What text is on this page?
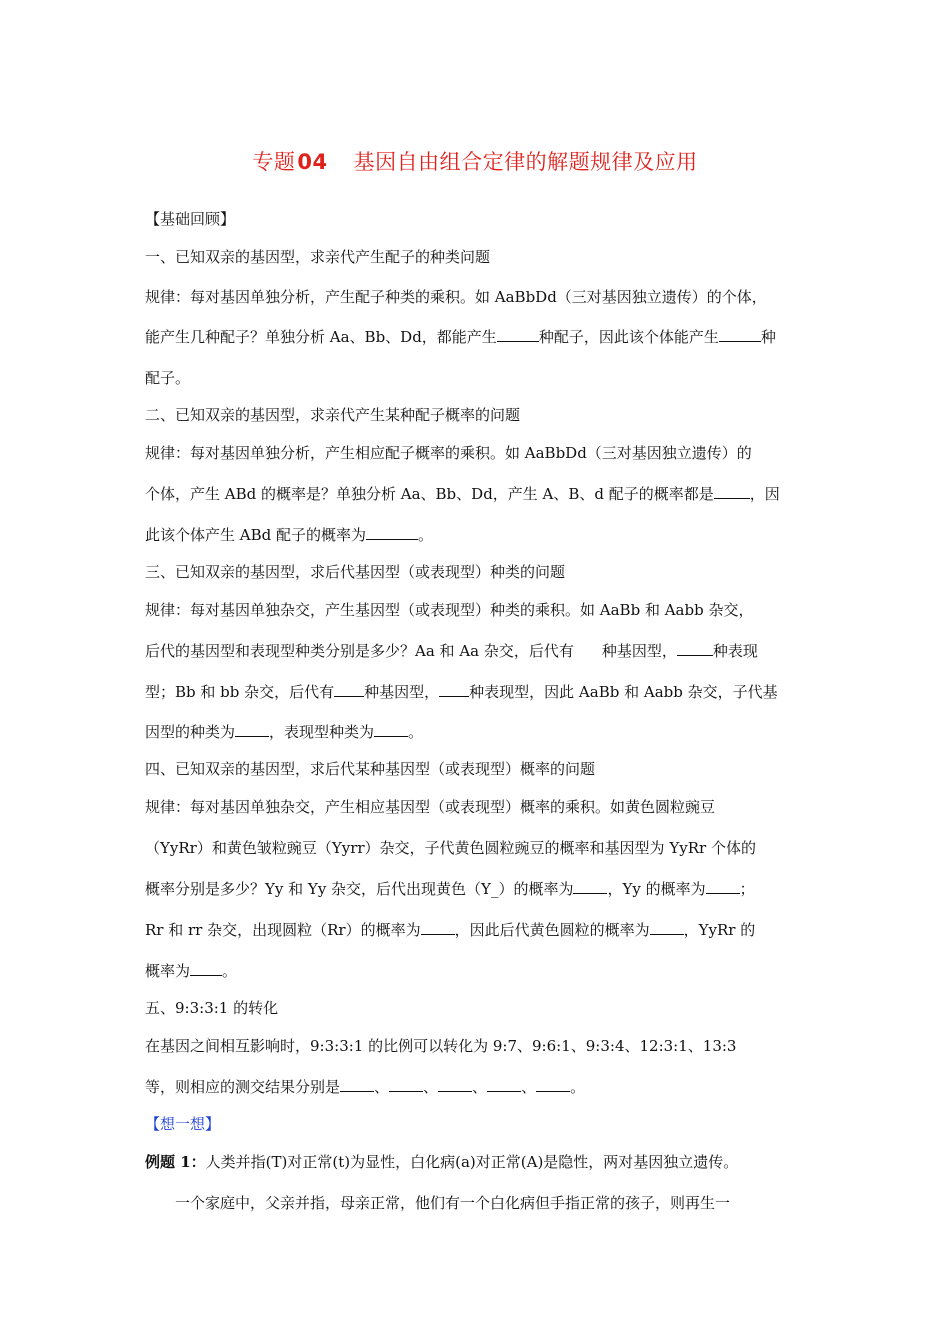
专题04 基因自由组合定律的解题规律及应用
【基础回顾】
一、已知双亲的基因型，求亲代产生配子的种类问题
规律：每对基因单独分析，产生配子种类的乘积。如 AaBbDd（三对基因独立遗传）的个体，
能产生几种配子？单独分析 Aa、Bb、Dd，都能产生	种配子，因此该个体能产生	种
配子。
二、已知双亲的基因型，求亲代产生某种配子概率的问题
规律：每对基因单独分析，产生相应配子概率的乘积。如 AaBbDd（三对基因独立遗传）的
个体，产生 ABd 的概率是？单独分析 Aa、Bb、Dd，产生 A、B、d 配子的概率都是 ，因
此该个体产生 ABd 配子的概率为	。
三、已知双亲的基因型，求后代基因型（或表现型）种类的问题
规律：每对基因单独杂交，产生基因型（或表现型）种类的乘积。如 AaBb 和 Aabb 杂交，
后代的基因型和表现型种类分别是多少？Aa 和 Aa 杂交，后代有 种基因型， 种表现
型；Bb 和 bb 杂交，后代有 种基因型， 种表现型，因此 AaBb 和 Aabb 杂交，子代基
因型的种类为 ，表现型种类为 。
四、已知双亲的基因型，求后代某种基因型（或表现型）概率的问题
规律：每对基因单独杂交，产生相应基因型（或表现型）概率的乘积。如黄色圆粒豌豆
（YyRr）和黄色皱粒豌豆（Yyrr）杂交，子代黄色圆粒豌豆的概率和基因型为 YyRr 个体的
概率分别是多少？Yy 和 Yy 杂交，后代出现黄色（Y_）的概率为 ，Yy 的概率为 ；
Rr 和 rr 杂交，出现圆粒（Rr）的概率为 ，因此后代黄色圆粒的概率为 ，YyRr 的
概率为 。
五、9:3:3:1 的转化
在基因之间相互影响时，9:3:3:1 的比例可以转化为 9:7、9:6:1、9:3:4、12:3:1、13:3
等，则相应的测交结果分别是 、 、 、 、 。
【想一想】
例题 1：人类并指(T)对正常(t)为显性，白化病(a)对正常(A)是隐性，两对基因独立遗传。
一个家庭中，父亲并指，母亲正常，他们有一个白化病但手指正常的孩子，则再生一
